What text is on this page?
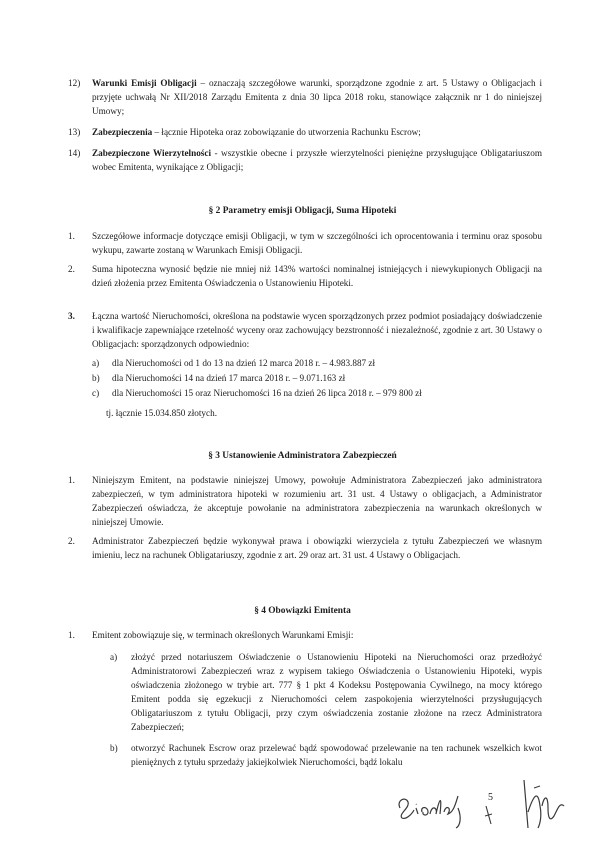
12) Warunki Emisji Obligacji – oznaczają szczegółowe warunki, sporządzone zgodnie z art. 5 Ustawy o Obligacjach i przyjęte uchwałą Nr XII/2018 Zarządu Emitenta z dnia 30 lipca 2018 roku, stanowiące załącznik nr 1 do niniejszej Umowy;
13) Zabezpieczenia – łącznie Hipoteka oraz zobowiązanie do utworzenia Rachunku Escrow;
14) Zabezpieczone Wierzytelności - wszystkie obecne i przyszłe wierzytelności pieniężne przysługujące Obligatariuszom wobec Emitenta, wynikające z Obligacji;
§ 2 Parametry emisji Obligacji, Suma Hipoteki
1. Szczegółowe informacje dotyczące emisji Obligacji, w tym w szczególności ich oprocentowania i terminu oraz sposobu wykupu, zawarte zostaną w Warunkach Emisji Obligacji.
2. Suma hipoteczna wynosić będzie nie mniej niż 143% wartości nominalnej istniejących i niewykupionych Obligacji na dzień złożenia przez Emitenta Oświadczenia o Ustanowieniu Hipoteki.
3. Łączna wartość Nieruchomości, określona na podstawie wycen sporządzonych przez podmiot posiadający doświadczenie i kwalifikacje zapewniające rzetelność wyceny oraz zachowujący bezstronność i niezależność, zgodnie z art. 30 Ustawy o Obligacjach: sporządzonych odpowiednio:
a) dla Nieruchomości od 1 do 13 na dzień 12 marca 2018 r. – 4.983.887 zł
b) dla Nieruchomości 14 na dzień 17 marca 2018 r. – 9.071.163 zł
c) dla Nieruchomości 15 oraz Nieruchomości 16 na dzień 26 lipca 2018 r. – 979 800 zł
tj. łącznie 15.034.850 złotych.
§ 3 Ustanowienie Administratora Zabezpieczeń
1. Niniejszym Emitent, na podstawie niniejszej Umowy, powołuje Administratora Zabezpieczeń jako administratora zabezpieczeń, w tym administratora hipoteki w rozumieniu art. 31 ust. 4 Ustawy o obligacjach, a Administrator Zabezpieczeń oświadcza, że akceptuje powołanie na administratora zabezpieczenia na warunkach określonych w niniejszej Umowie.
2. Administrator Zabezpieczeń będzie wykonywał prawa i obowiązki wierzyciela z tytułu Zabezpieczeń we własnym imieniu, lecz na rachunek Obligatariuszy, zgodnie z art. 29 oraz art. 31 ust. 4 Ustawy o Obligacjach.
§ 4 Obowiązki Emitenta
1. Emitent zobowiązuje się, w terminach określonych Warunkami Emisji:
a) złożyć przed notariuszem Oświadczenie o Ustanowieniu Hipoteki na Nieruchomości oraz przedłożyć Administratorowi Zabezpieczeń wraz z wypisem takiego Oświadczenia o Ustanowieniu Hipoteki, wypis oświadczenia złożonego w trybie art. 777 § 1 pkt 4 Kodeksu Postępowania Cywilnego, na mocy którego Emitent podda się egzekucji z Nieruchomości celem zaspokojenia wierzytelności przysługujących Obligatariuszom z tytułu Obligacji, przy czym oświadczenia zostanie złożone na rzecz Administratora Zabezpieczeń;
b) otworzyć Rachunek Escrow oraz przelewać bądź spowodować przelewanie na ten rachunek wszelkich kwot pieniężnych z tytułu sprzedaży jakiejkolwiek Nieruchomości, bądź lokalu
5
